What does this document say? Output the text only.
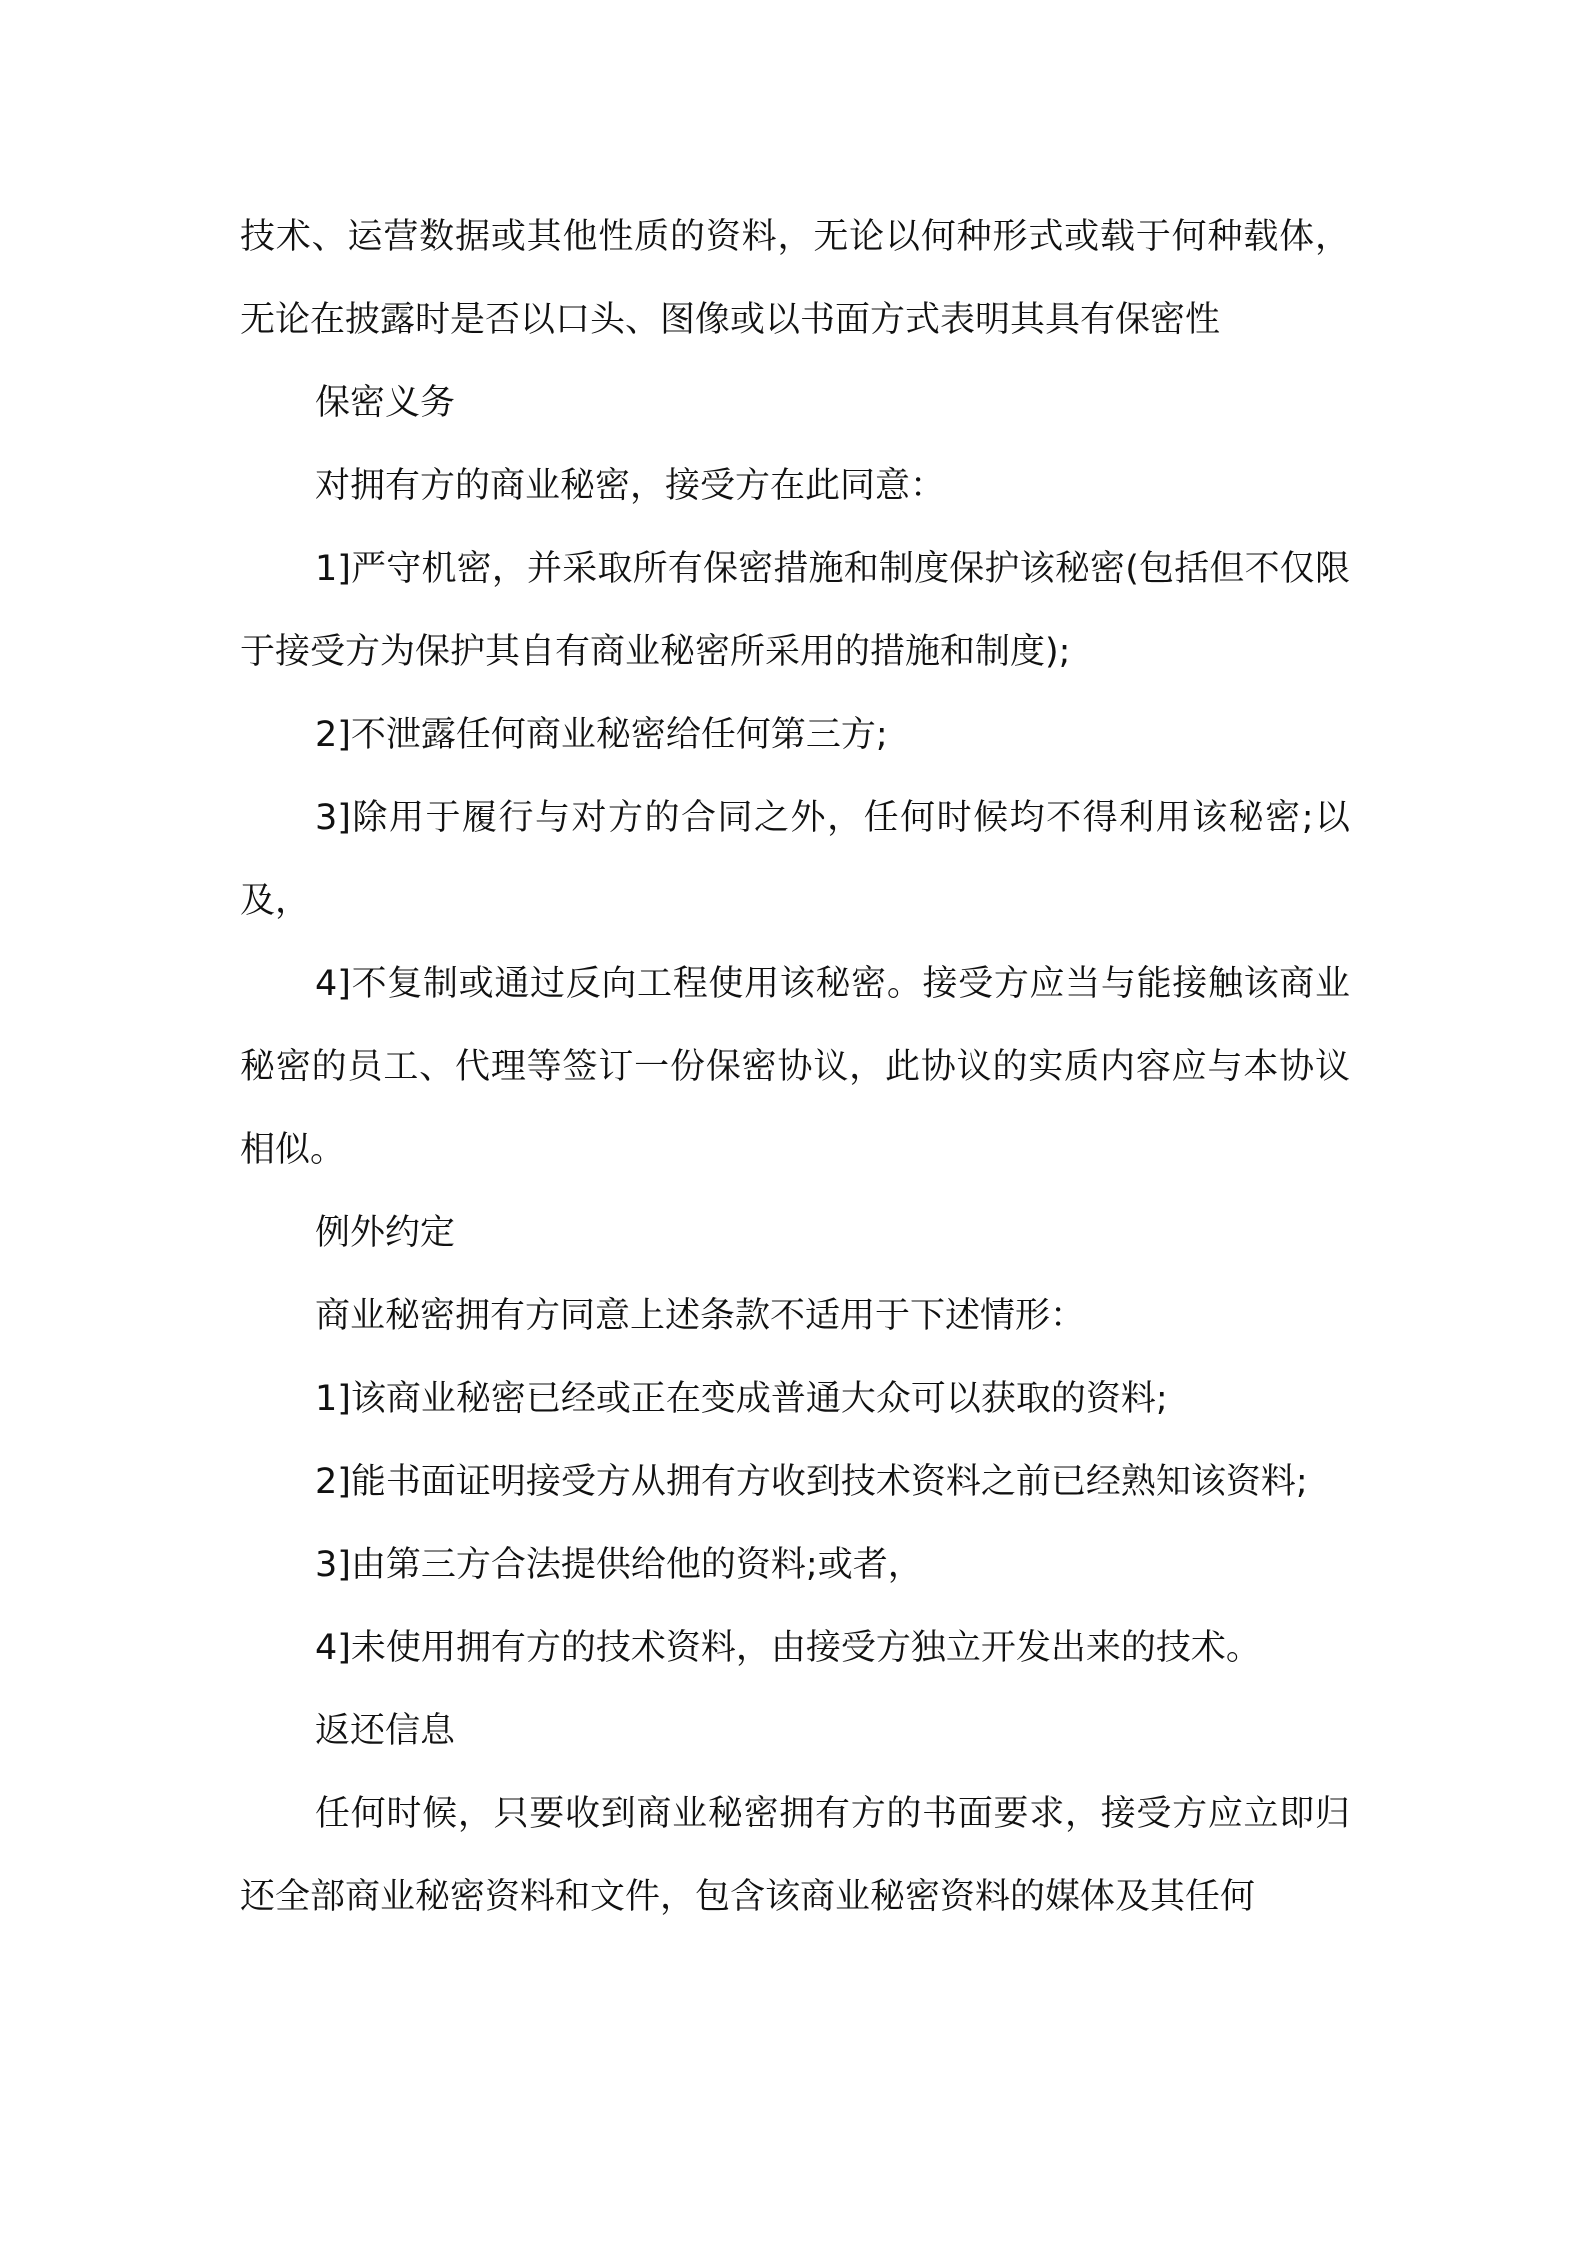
技术、运营数据或其他性质的资料，无论以何种形式或载于何种载体，无论在披露时是否以口头、图像或以书面方式表明其具有保密性

保密义务

对拥有方的商业秘密，接受方在此同意：

1]严守机密，并采取所有保密措施和制度保护该秘密(包括但不仅限于接受方为保护其自有商业秘密所采用的措施和制度);

2]不泄露任何商业秘密给任何第三方;

3]除用于履行与对方的合同之外，任何时候均不得利用该秘密;以及，

4]不复制或通过反向工程使用该秘密。接受方应当与能接触该商业秘密的员工、代理等签订一份保密协议，此协议的实质内容应与本协议相似。

例外约定

商业秘密拥有方同意上述条款不适用于下述情形：

1]该商业秘密已经或正在变成普通大众可以获取的资料;

2]能书面证明接受方从拥有方收到技术资料之前已经熟知该资料;

3]由第三方合法提供给他的资料;或者，

4]未使用拥有方的技术资料，由接受方独立开发出来的技术。

返还信息

任何时候，只要收到商业秘密拥有方的书面要求，接受方应立即归还全部商业秘密资料和文件，包含该商业秘密资料的媒体及其任何
